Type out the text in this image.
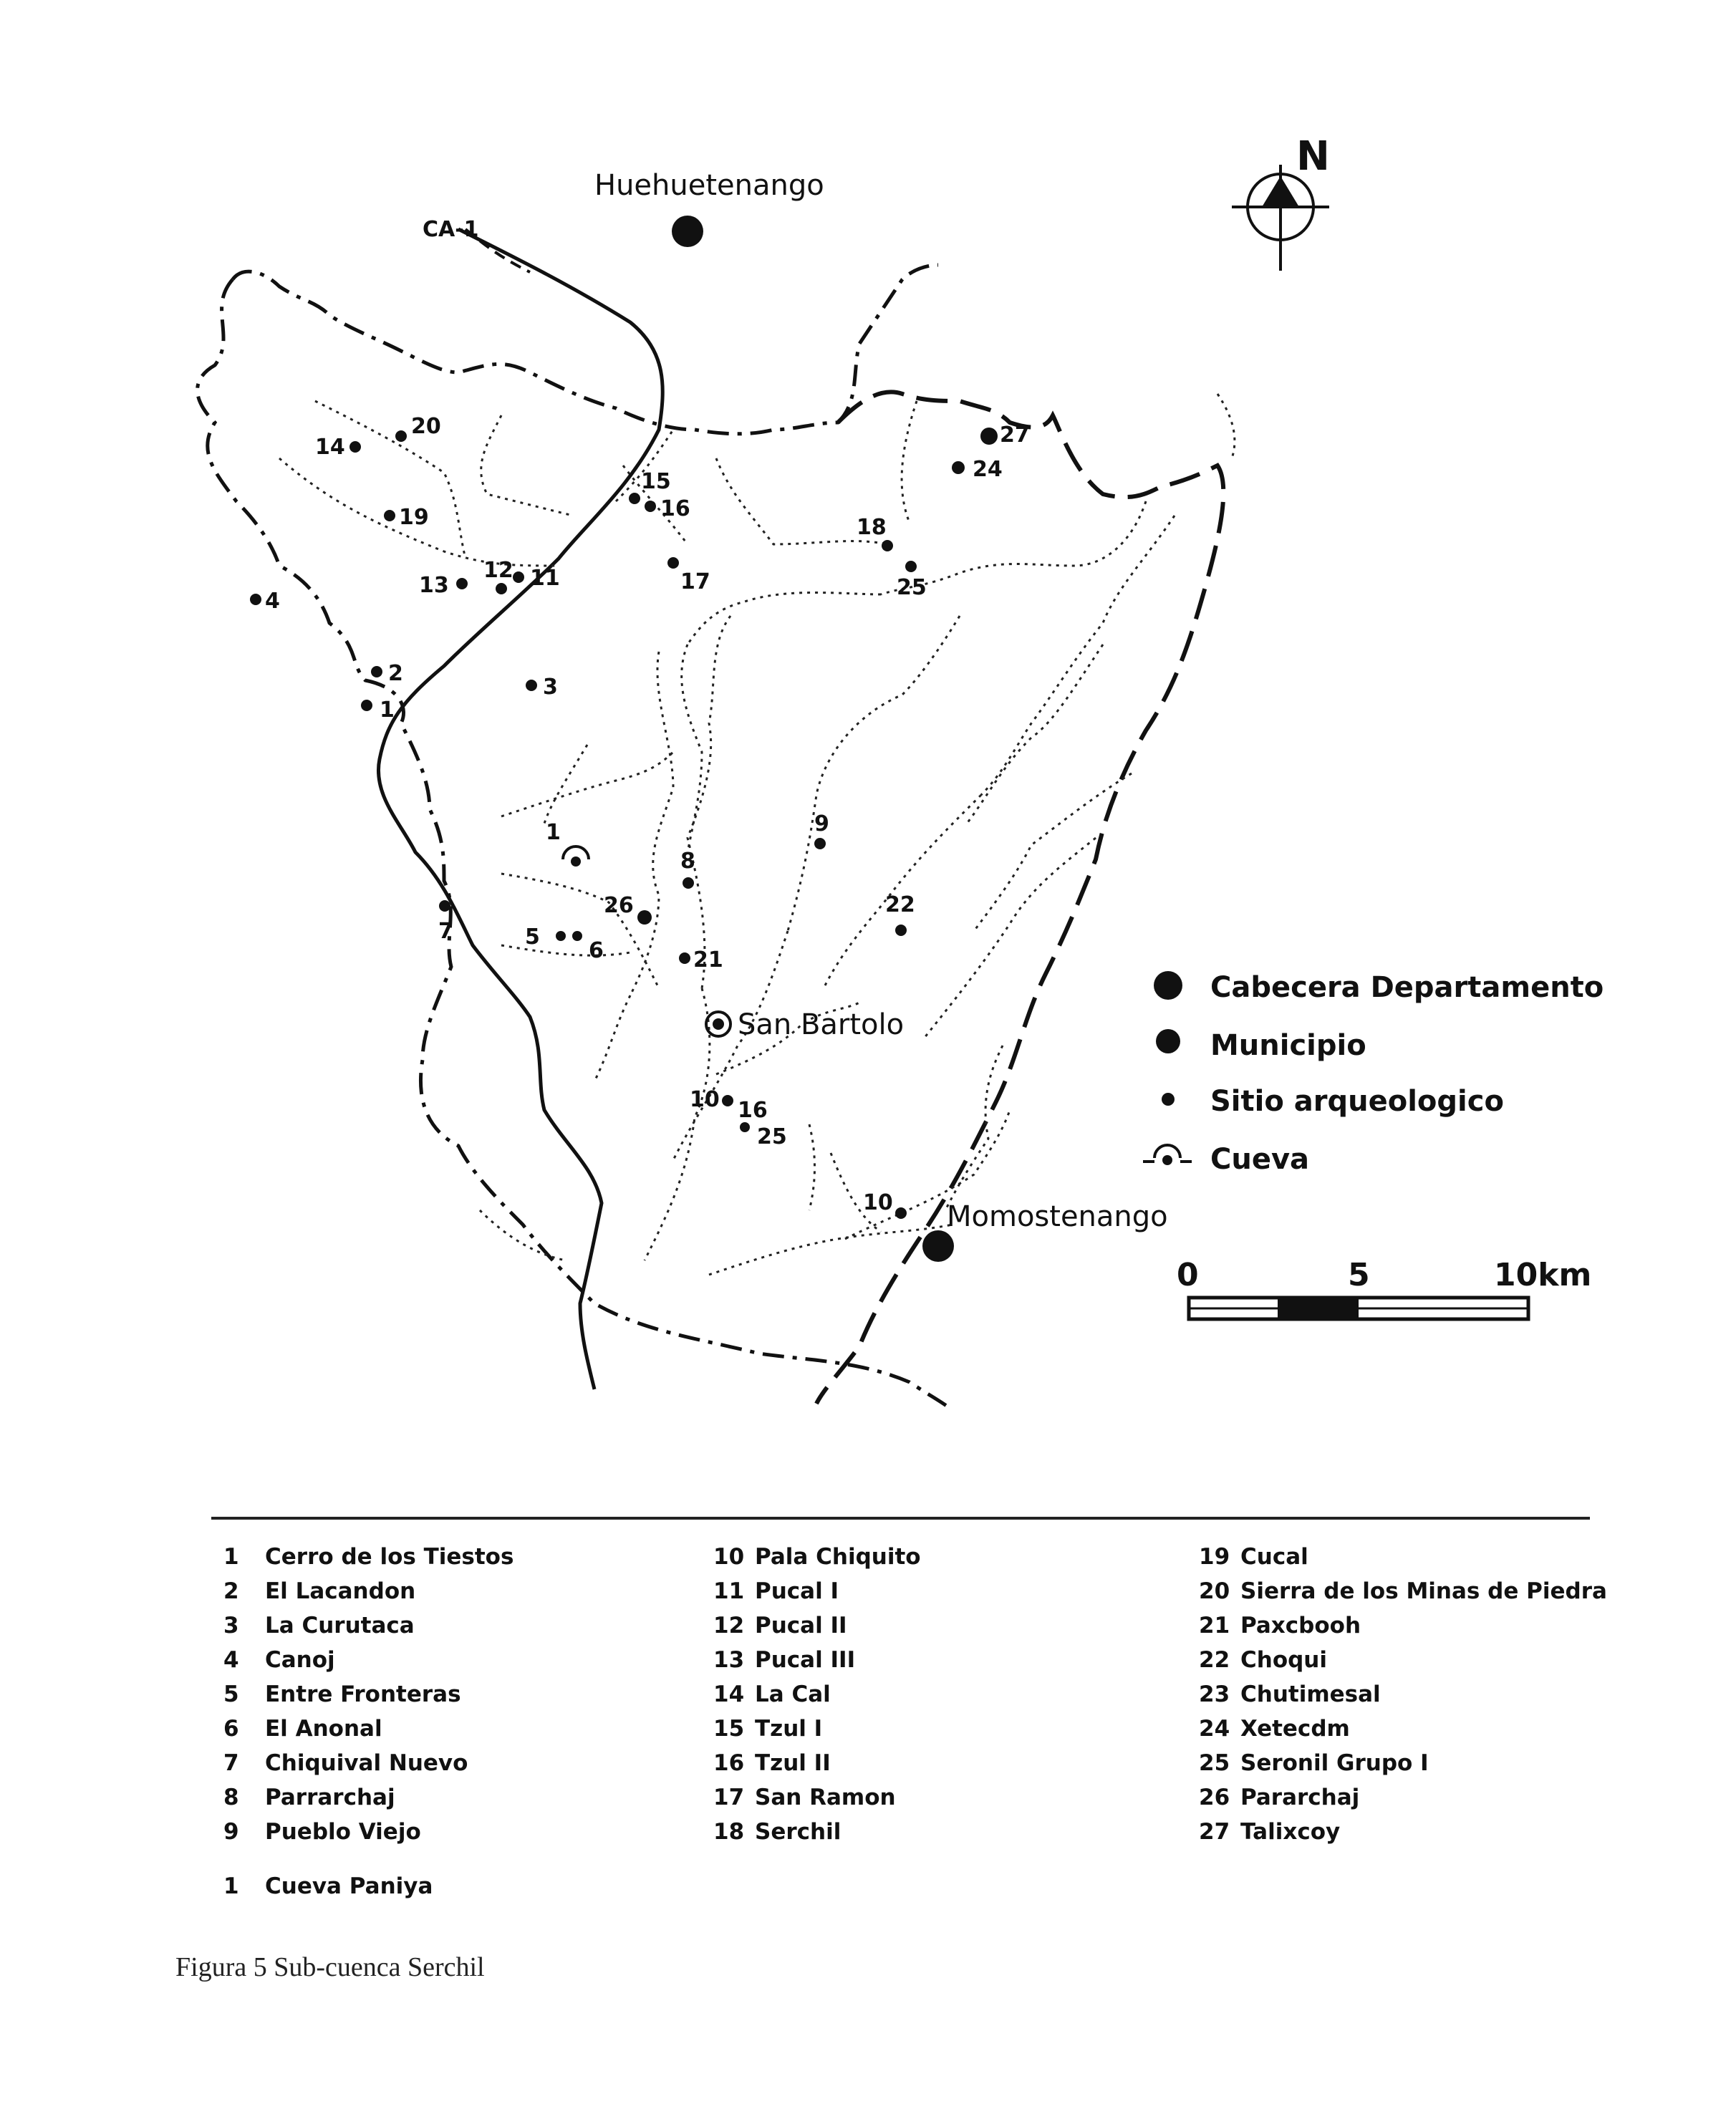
N
Huehuetenango
CA-1
San Bartolo
Momostenango
1
2
3
4
5
6
7
8
9
10
10
11
12
13
14
15
16
16
17
18
19
20
21
22
24
25
25
26
27
1
Cabecera Departamento
Municipio
Sitio arqueologico
Cueva
0	5	10km
1 Cerro de los Tiestos
2 El Lacandon
3 La Curutaca
4 Canoj
5 Entre Fronteras
6 El Anonal
7 Chiquival Nuevo
8 Parrarchaj
9 Pueblo Viejo
1 Cueva Paniya
10 Pala Chiquito
11 Pucal I
12 Pucal II
13 Pucal III
14 La Cal
15 Tzul I
16 Tzul II
17 San Ramon
18 Serchil
19 Cucal
20 Sierra de los Minas de Piedra
21 Paxcbooh
22 Choqui
23 Chutimesal
24 Xetecdm
25 Seronil Grupo I
26 Pararchaj
27 Talixcoy
Figura 5 Sub-cuenca Serchil
